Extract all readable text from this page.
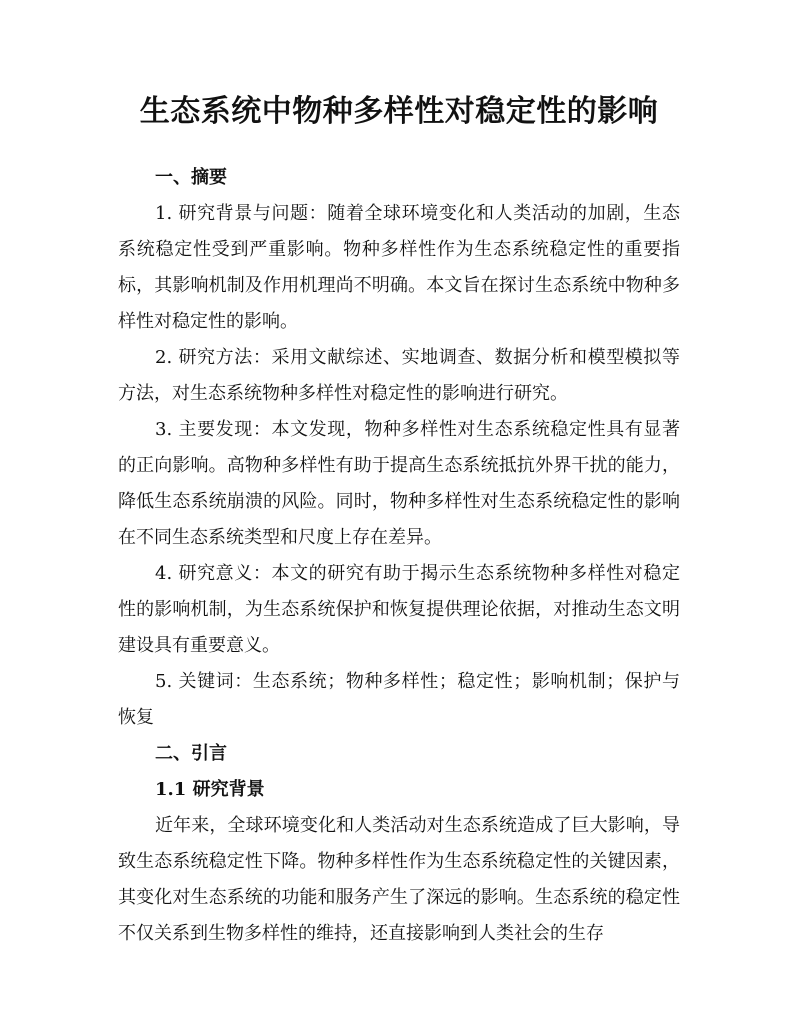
生态系统中物种多样性对稳定性的影响
一、摘要

1. 研究背景与问题：随着全球环境变化和人类活动的加剧，生态系统稳定性受到严重影响。物种多样性作为生态系统稳定性的重要指标，其影响机制及作用机理尚不明确。本文旨在探讨生态系统中物种多样性对稳定性的影响。

2. 研究方法：采用文献综述、实地调查、数据分析和模型模拟等方法，对生态系统物种多样性对稳定性的影响进行研究。

3. 主要发现：本文发现，物种多样性对生态系统稳定性具有显著的正向影响。高物种多样性有助于提高生态系统抵抗外界干扰的能力，降低生态系统崩溃的风险。同时，物种多样性对生态系统稳定性的影响在不同生态系统类型和尺度上存在差异。

4. 研究意义：本文的研究有助于揭示生态系统物种多样性对稳定性的影响机制，为生态系统保护和恢复提供理论依据，对推动生态文明建设具有重要意义。

5. 关键词：生态系统；物种多样性；稳定性；影响机制；保护与恢复

二、引言
1.1 研究背景

近年来，全球环境变化和人类活动对生态系统造成了巨大影响，导致生态系统稳定性下降。物种多样性作为生态系统稳定性的关键因素，其变化对生态系统的功能和服务产生了深远的影响。生态系统的稳定性不仅关系到生物多样性的维持，还直接影响到人类社会的生存
